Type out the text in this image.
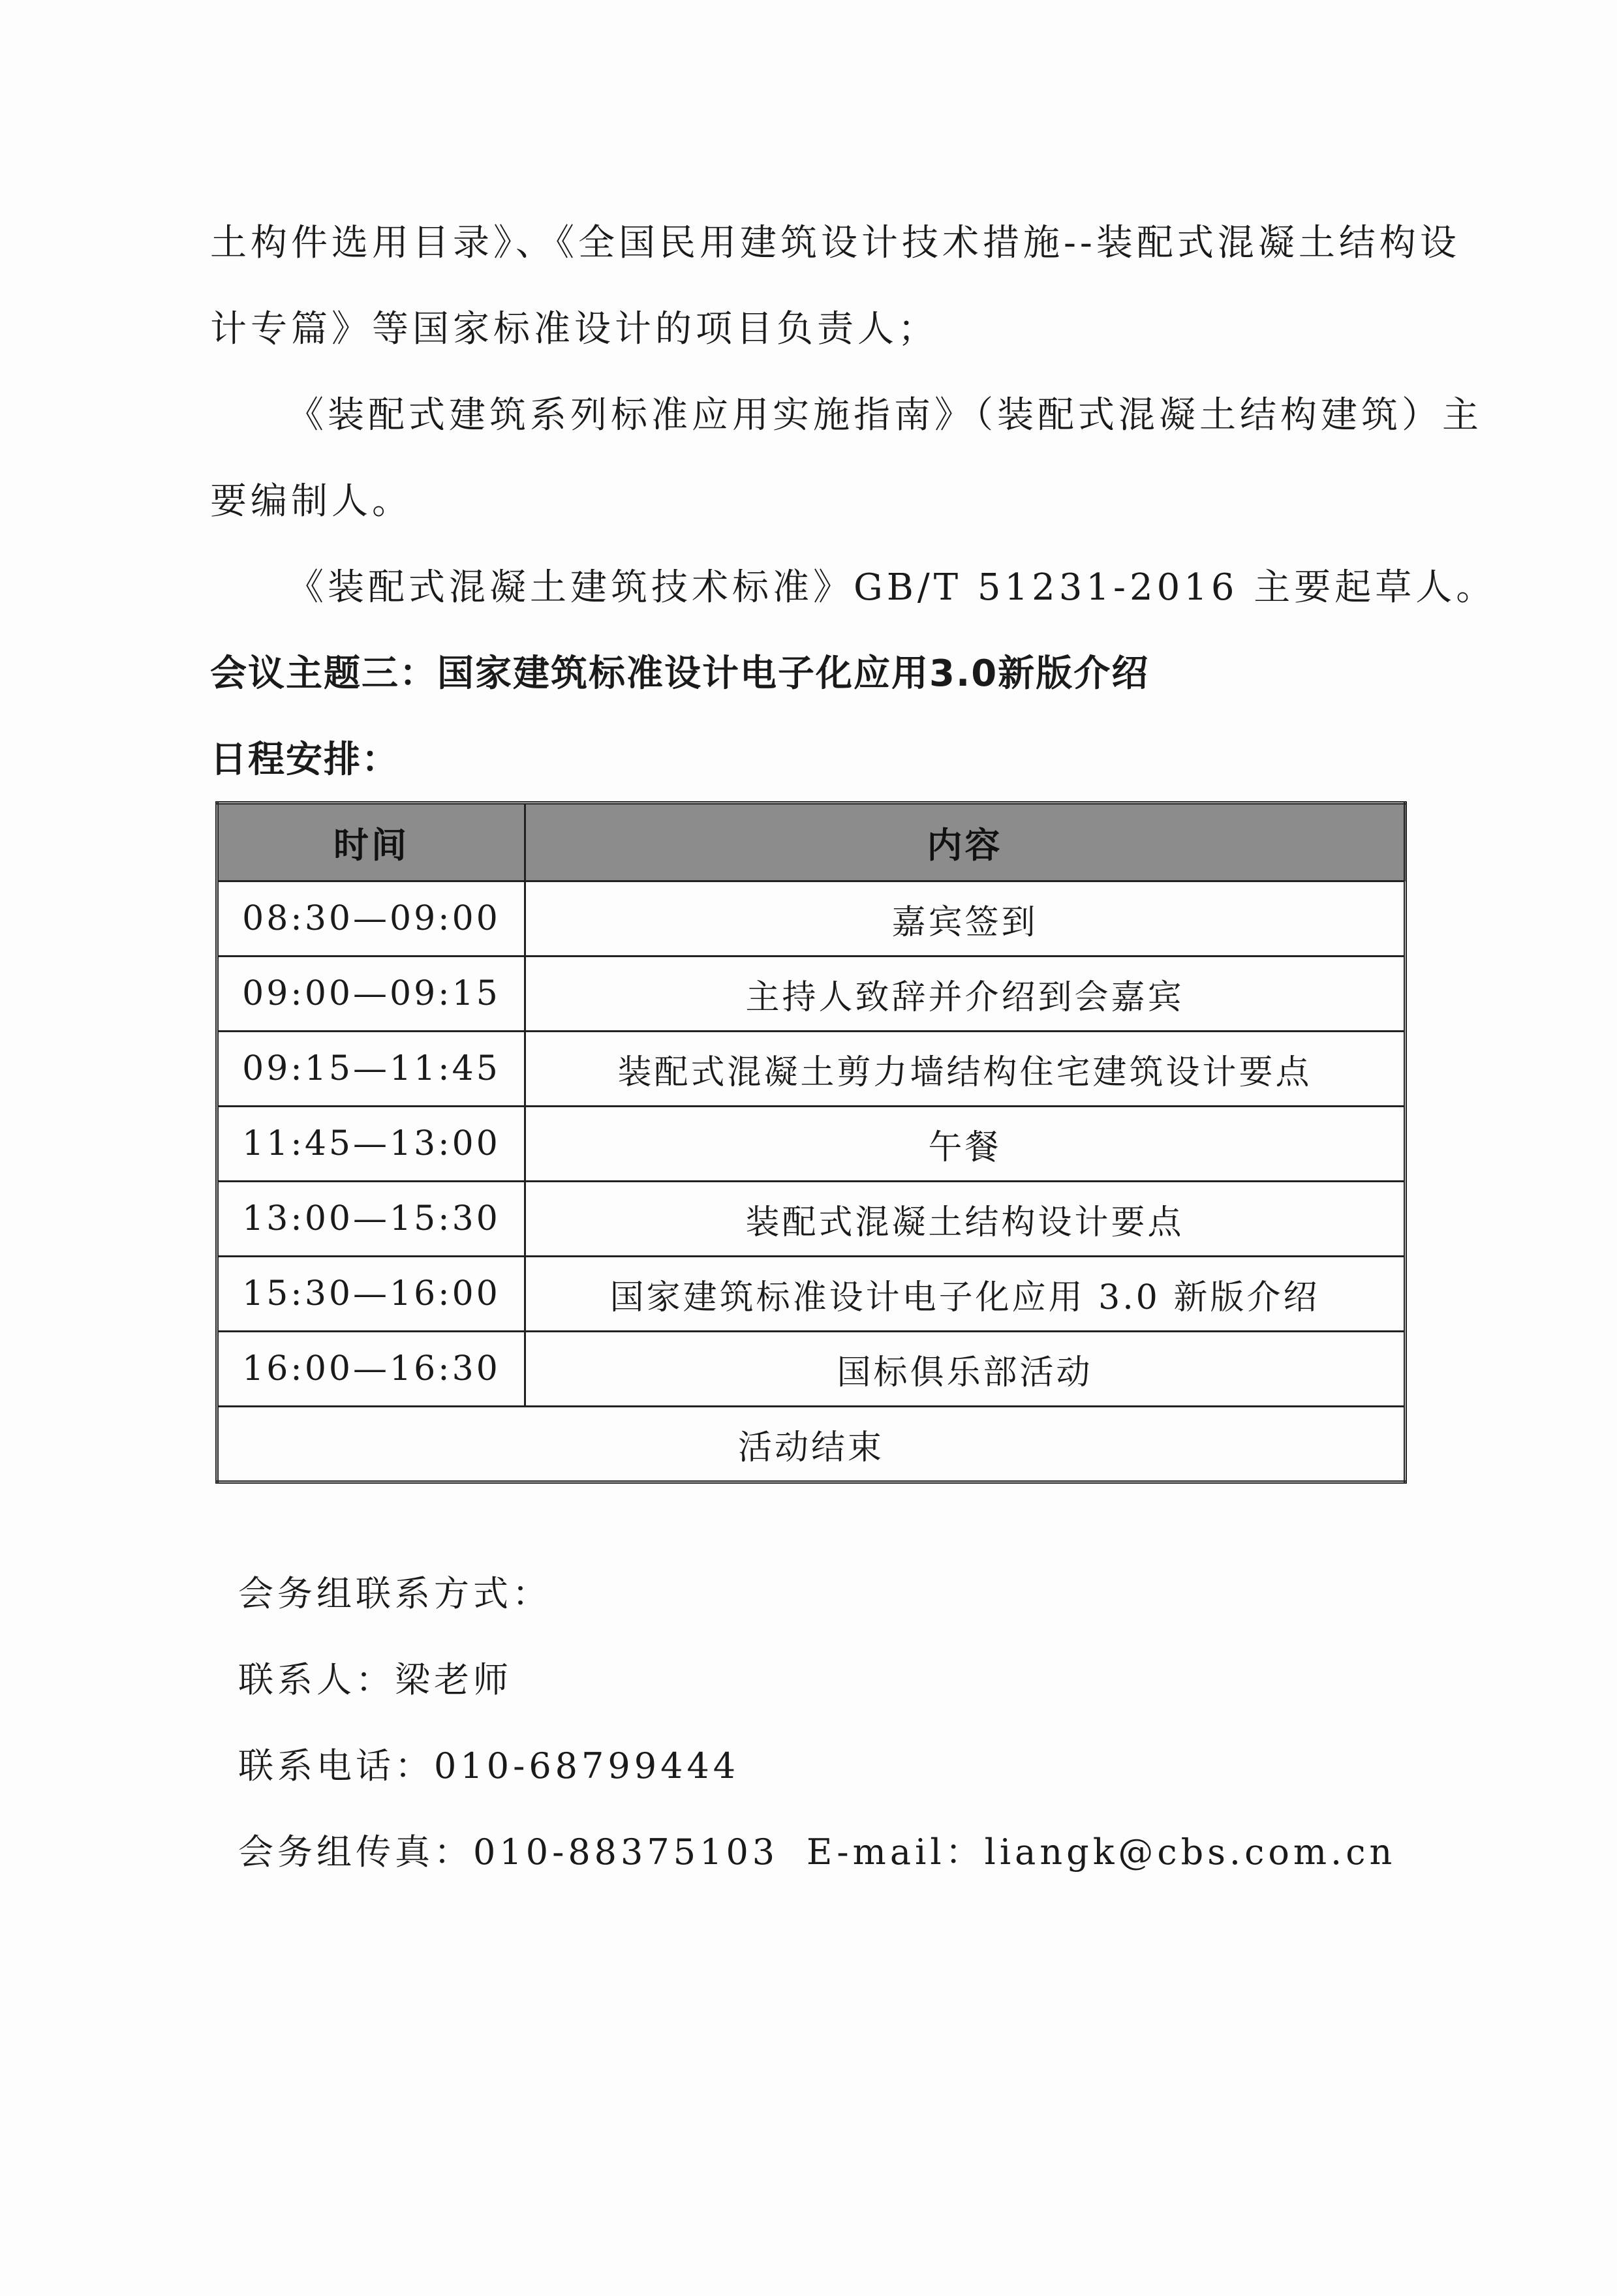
土构件选用目录》、《全国民用建筑设计技术措施--装配式混凝土结构设
计专篇》等国家标准设计的项目负责人；
《装配式建筑系列标准应用实施指南》（装配式混凝土结构建筑）主
要编制人。
《装配式混凝土建筑技术标准》GB/T 51231-2016 主要起草人。
会议主题三：国家建筑标准设计电子化应用3.0新版介绍
日程安排：
时间	内容
08:30—09:00	嘉宾签到
09:00—09:15	主持人致辞并介绍到会嘉宾
09:15—11:45	装配式混凝土剪力墙结构住宅建筑设计要点
11:45—13:00	午餐
13:00—15:30	装配式混凝土结构设计要点
15:30—16:00	国家建筑标准设计电子化应用 3.0 新版介绍
16:00—16:30	国标俱乐部活动
活动结束	
会务组联系方式：
联系人：梁老师
联系电话：010-68799444
会务组传真：010-88375103 E-mail：liangk@cbs.com.cn
